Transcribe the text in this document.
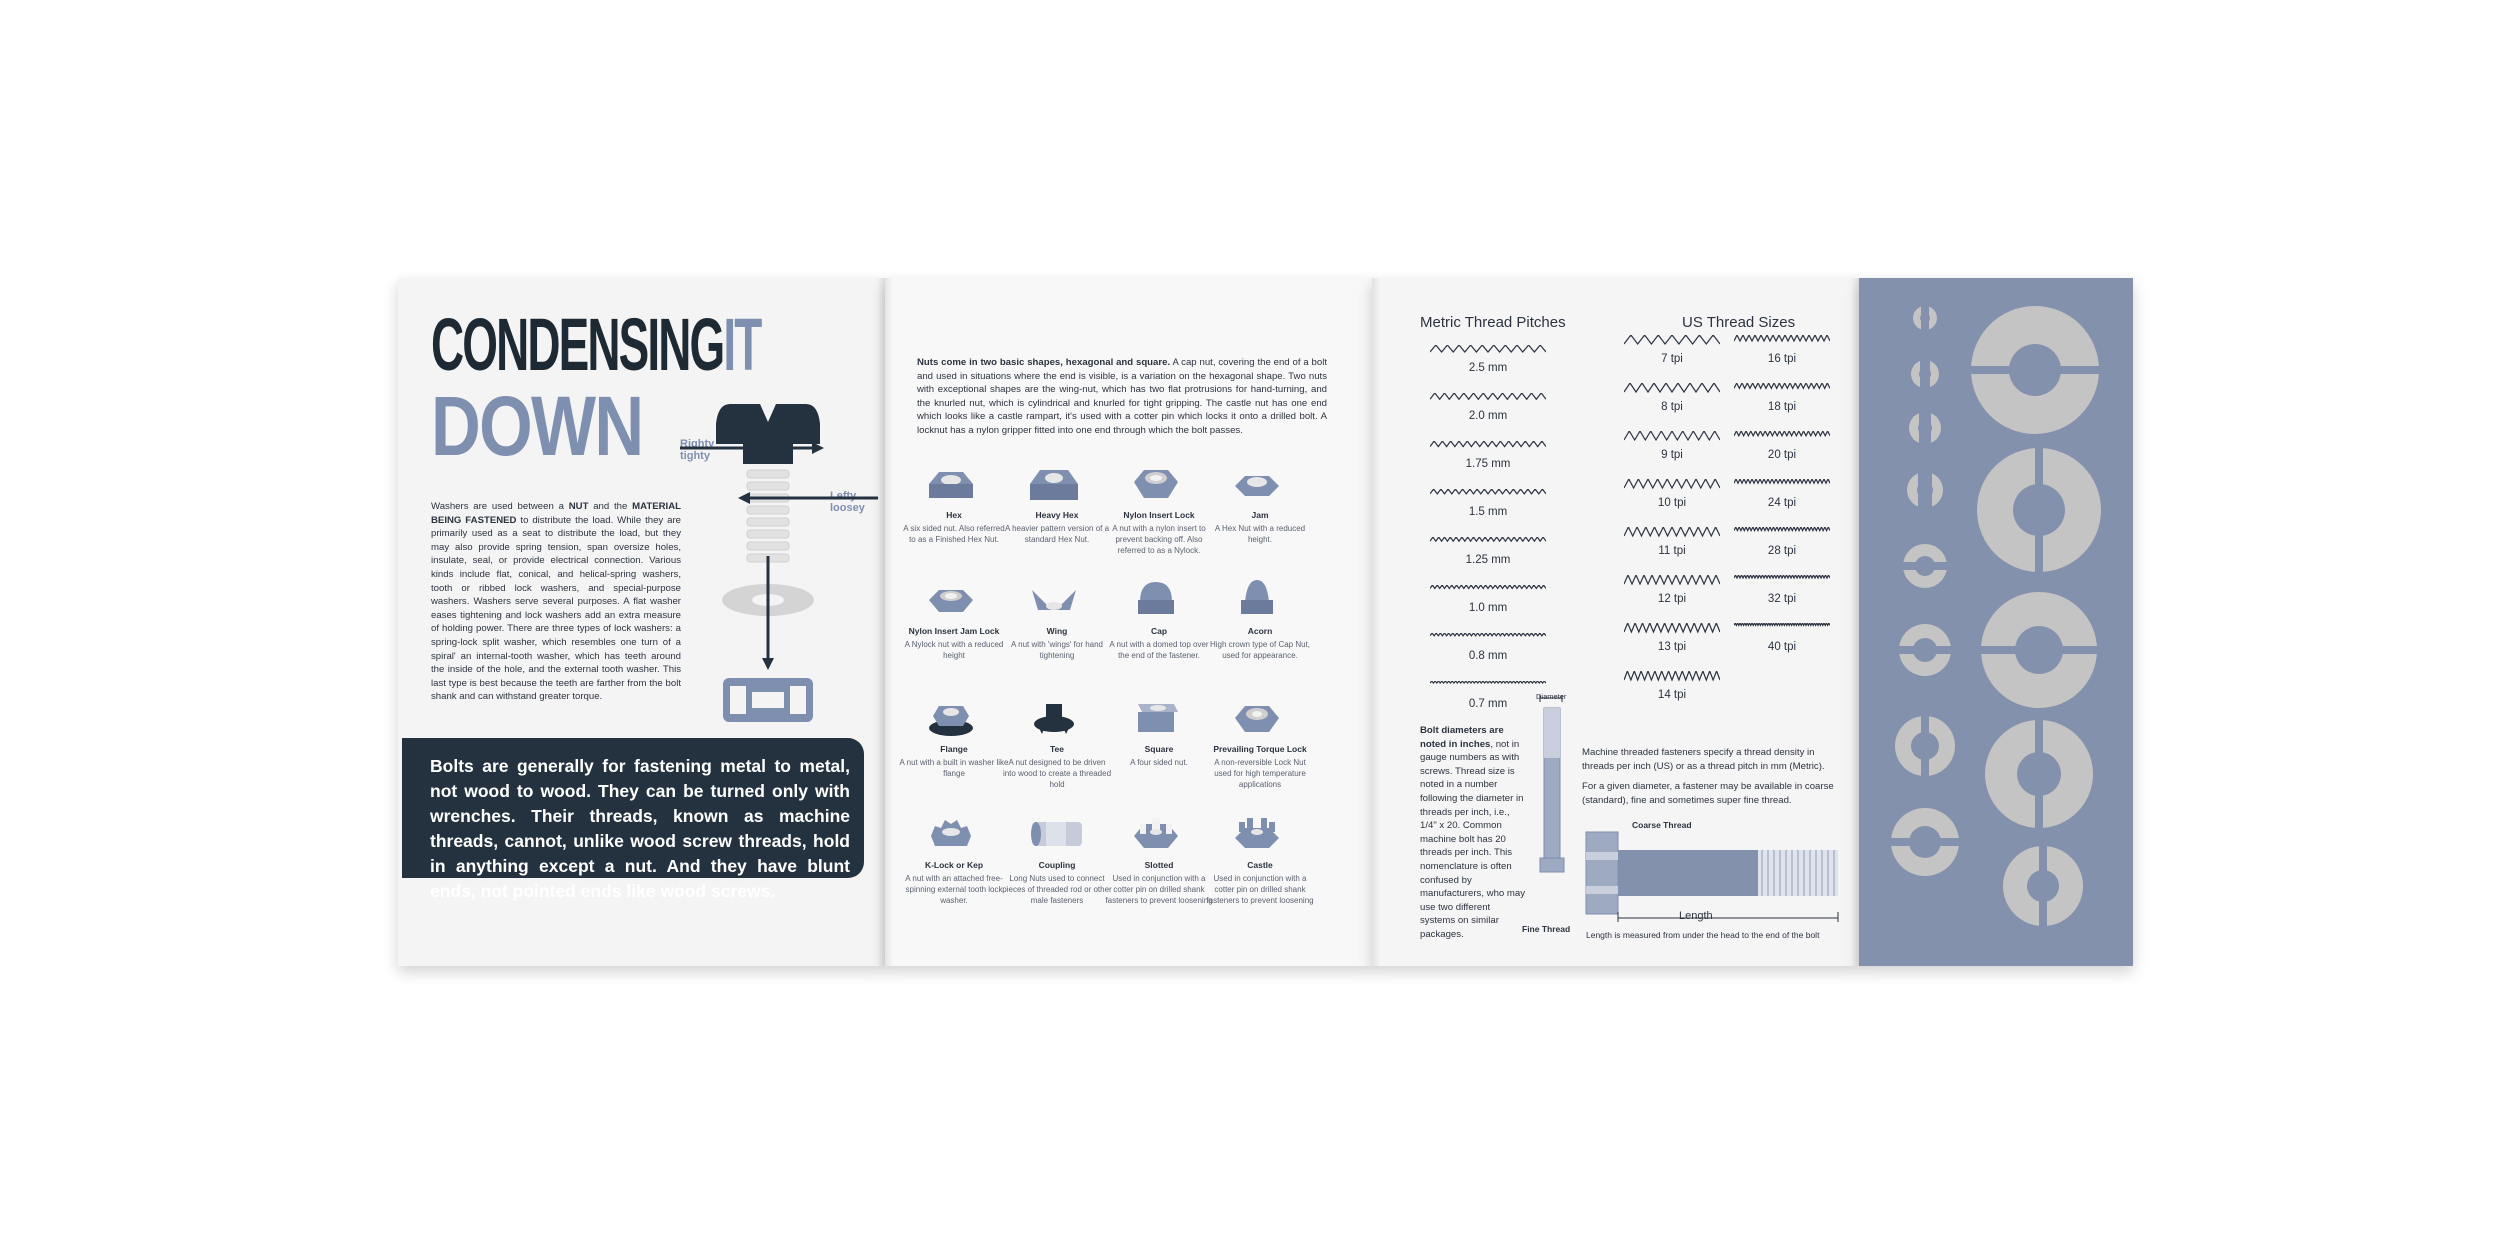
CONDENSINGIT
DOWN	Righty
tighty
Lefty
loosey
Washers are used between a NUT and the MATERIAL BEING FASTENED to distribute the load. While they are primarily used as a seat to distribute the load, but they may also provide spring tension, span oversize holes, insulate, seal, or provide electrical connection. Various kinds include flat, conical, and helical-spring washers, tooth or ribbed lock washers, and special-purpose washers. Washers serve several purposes. A flat washer eases tightening and lock washers add an extra measure of holding power. There are three types of lock washers: a spring-lock split washer, which resembles one turn of a spiral' an internal-tooth washer, which has teeth around the inside of the hole, and the external tooth washer. This last type is best because the teeth are farther from the bolt shank and can withstand greater torque.
Bolts are generally for fastening metal to metal, not wood to wood. They can be turned only with wrenches. Their threads, known as machine threads, cannot, unlike wood screw threads, hold in anything except a nut. And they have blunt ends, not pointed ends like wood screws.
Nuts come in two basic shapes, hexagonal and square. A cap nut, covering the end of a bolt and used in situations where the end is visible, is a variation on the hexagonal shape. Two nuts with exceptional shapes are the wing-nut, which has two flat protrusions for hand-turning, and the knurled nut, which is cylindrical and knurled for tight gripping. The castle nut has one end which looks like a castle rampart, it's used with a cotter pin which locks it onto a drilled bolt. A locknut has a nylon gripper fitted into one end through which the bolt passes.
Hex
A six sided nut. Also referred to as a Finished Hex Nut.
Heavy Hex
A heavier pattern version of a standard Hex Nut.
Nylon Insert Lock
A nut with a nylon insert to prevent backing off. Also referred to as a Nylock.
Jam
A Hex Nut with a reduced height.
Nylon Insert Jam Lock
A Nylock nut with a reduced height
Wing
A nut with 'wings' for hand tightening
Cap
A nut with a domed top over the end of the fastener.
Acorn
High crown type of Cap Nut, used for appearance.
Flange
A nut with a built in washer like flange
Tee
A nut designed to be driven into wood to create a threaded hold
Square
A four sided nut.
Prevailing Torque Lock
A non-reversible Lock Nut used for high temperature applications
K-Lock or Kep
A nut with an attached free-spinning external tooth lock washer.
Coupling
Long Nuts used to connect pieces of threaded rod or other male fasteners
Slotted
Used in conjunction with a cotter pin on drilled shank fasteners to prevent loosening
Castle
Used in conjunction with a cotter pin on drilled shank fasteners to prevent loosening
Metric Thread Pitches	US Thread Sizes
2.5 mm
2.0 mm
1.75 mm
1.5 mm
1.25 mm
1.0 mm
0.8 mm
0.7 mm
7 tpi
8 tpi
9 tpi
10 tpi
11 tpi
12 tpi
13 tpi
14 tpi
16 tpi
18 tpi
20 tpi
24 tpi
28 tpi
32 tpi
40 tpi
Bolt diameters are noted in inches, not in gauge numbers as with screws. Thread size is noted in a number following the diameter in threads per inch, i.e., 1/4" x 20. Common machine bolt has 20 threads per inch. This nomenclature is often confused by manufacturers, who may use two different systems on similar packages.
Diameter
Fine Thread
Machine threaded fasteners specify a thread density in threads per inch (US) or as a thread pitch in mm (Metric).
For a given diameter, a fastener may be available in coarse (standard), fine and sometimes super fine thread.
Coarse Thread
Length
Length is measured from under the head to the end of the bolt
